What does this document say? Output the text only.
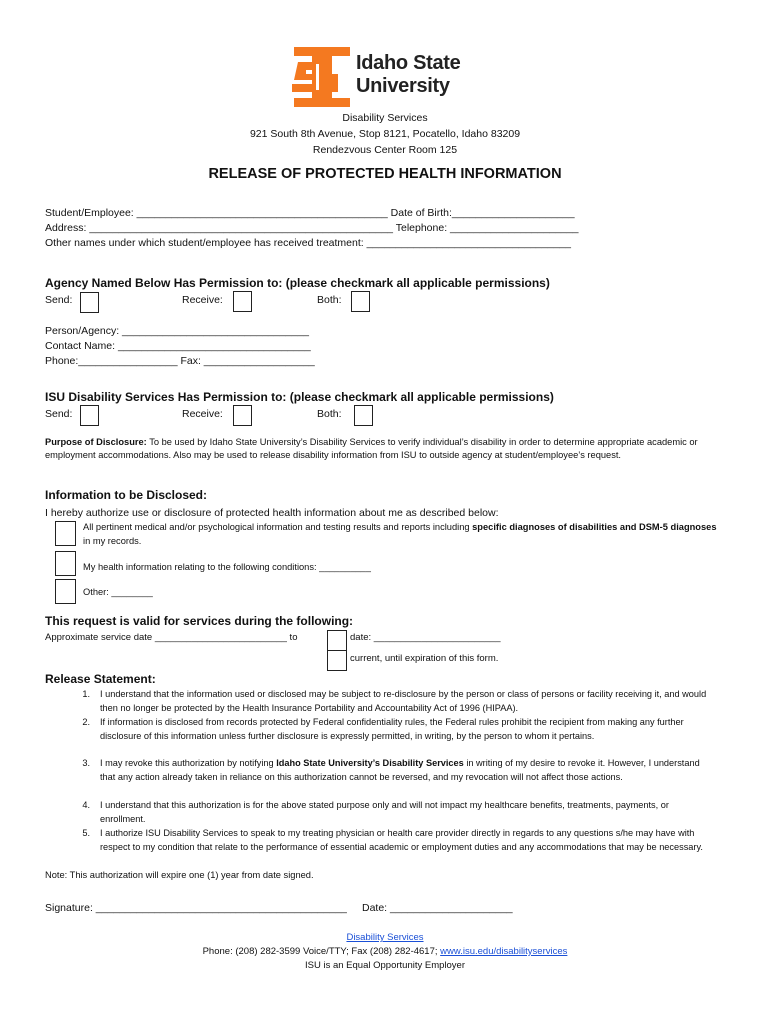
Idaho State
University
Disability Services
921 South 8th Avenue, Stop 8121, Pocatello, Idaho 83209
Rendezvous Center Room 125
RELEASE OF PROTECTED HEALTH INFORMATION
Student/Employee: ___________________________________________ Date of Birth:_____________________
Address: ____________________________________________________ Telephone: ______________________
Other names under which student/employee has received treatment: ___________________________________
Agency Named Below Has Permission to: (please checkmark all applicable permissions)
Send:	Receive:	Both:
Person/Agency: ________________________________
Contact Name: _________________________________
Phone:_________________ Fax: ___________________
ISU Disability Services Has Permission to: (please checkmark all applicable permissions)
Send:	Receive:	Both:
Purpose of Disclosure: To be used by Idaho State University’s Disability Services to verify individual’s disability in order to determine appropriate academic or employment accommodations. Also may be used to release disability information from ISU to outside agency at student/employee’s request.
Information to be Disclosed:
I hereby authorize use or disclosure of protected health information about me as described below:
All pertinent medical and/or psychological information and testing results and reports including specific diagnoses of disabilities and DSM-5 diagnoses in my records.
My health information relating to the following conditions: __________
Other: ________
This request is valid for services during the following:
Approximate service date _________________________ to	date: ________________________
current, until expiration of this form.
Release Statement:
1. I understand that the information used or disclosed may be subject to re-disclosure by the person or class of persons or facility receiving it, and would then no longer be protected by the Health Insurance Portability and Accountability Act of 1996 (HIPAA).
2. If information is disclosed from records protected by Federal confidentiality rules, the Federal rules prohibit the recipient from making any further disclosure of this information unless further disclosure is expressly permitted, in writing, by the person to whom it pertains.
3. I may revoke this authorization by notifying Idaho State University’s Disability Services in writing of my desire to revoke it. However, I understand that any action already taken in reliance on this authorization cannot be reversed, and my revocation will not affect those actions.
4. I understand that this authorization is for the above stated purpose only and will not impact my healthcare benefits, treatments, payments, or enrollment.
5. I authorize ISU Disability Services to speak to my treating physician or health care provider directly in regards to any questions s/he may have with respect to my condition that relate to the performance of essential academic or employment duties and any accommodations that may be necessary.
Note: This authorization will expire one (1) year from date signed.
Signature: ___________________________________________ Date: _____________________
Disability Services
Phone: (208) 282-3599 Voice/TTY; Fax (208) 282-4617; www.isu.edu/disabilityservices
ISU is an Equal Opportunity Employer
